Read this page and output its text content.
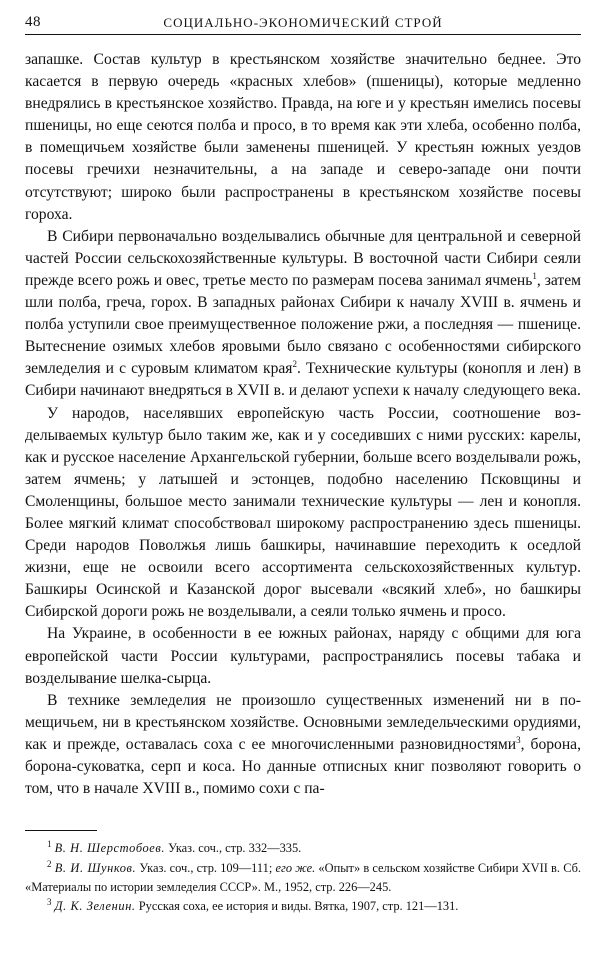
48	СОЦИАЛЬНО-ЭКОНОМИЧЕСКИЙ СТРОЙ

запашке. Состав культур в крестьянском хозяйстве значительно беднее. Это касается в первую очередь «красных хлебов» (пшеницы), которые медленно внедрялись в крестьянское хозяйство. Правда, на юге и у крестьян имелись посевы пшеницы, но еще сеются полба и просо, в то время как эти хлеба, особенно полба, в помещичьем хозяйстве были заменены пшеницей. У крестьян южных уездов посевы гречихи незначительны, а на западе и северо-западе они почти отсутствуют; широко были распространены в крестьянском хозяйстве посевы гороха.

В Сибири первоначально возделывались обычные для центральной и северной частей России сельскохозяйственные культуры. В восточной части Сибири сеяли прежде всего рожь и овес, третье место по размерам посева занимал ячмень$^1$, затем шли полба, греча, горох. В западных районах Сибири к началу XVIII в. ячмень и полба уступили свое преимущественное положение ржи, а последняя — пшенице. Вытеснение озимых хлебов яровыми было связано с особенностями сибирского земледелия и с суровым климатом края$^2$. Технические культуры (конопля и лен) в Сибири начинают внедряться в XVII в. и делают успехи к началу следующего века.

У народов, населявших европейскую часть России, соотношение возделываемых культур было таким же, как и у соседивших с ними русских: карелы, как и русское население Архангельской губернии, больше всего возделывали рожь, затем ячмень; у латышей и эстонцев, подобно населению Псковщины и Смоленщины, большое место занимали технические культуры — лен и конопля. Более мягкий климат способствовал широкому распространению здесь пшеницы. Среди народов Поволжья лишь башкиры, начинавшие переходить к оседлой жизни, еще не освоили всего ассортимента сельскохозяйственных культур. Башкиры Осинской и Казанской дорог высевали «всякий хлеб», но башкиры Сибирской дороги рожь не возделывали, а сеяли только ячмень и просо.

На Украине, в особенности в ее южных районах, наряду с общими для юга европейской части России культурами, распространялись посевы табака и возделывание шелка-сырца.

В технике земледелия не произошло существенных изменений ни в помещичьем, ни в крестьянском хозяйстве. Основными земледельческими орудиями, как и прежде, оставалась соха с ее многочисленными разновидностями$^3$, борона, борона-суковатка, серп и коса. Но данные отписных книг позволяют говорить о том, что в начале XVIII в., помимо сохи с па-

$^1$ В. Н. Шерстобоев. Указ. соч., стр. 332—335.

$^2$ В. И. Шунков. Указ. соч., стр. 109—111; его же. «Опыт» в сельском хозяйстве Сибири XVII в. Сб. «Материалы по истории земледелия СССР». М., 1952, стр. 226—245.

$^3$ Д. К. Зеленин. Русская соха, ее история и виды. Вятка, 1907, стр. 121—131.
